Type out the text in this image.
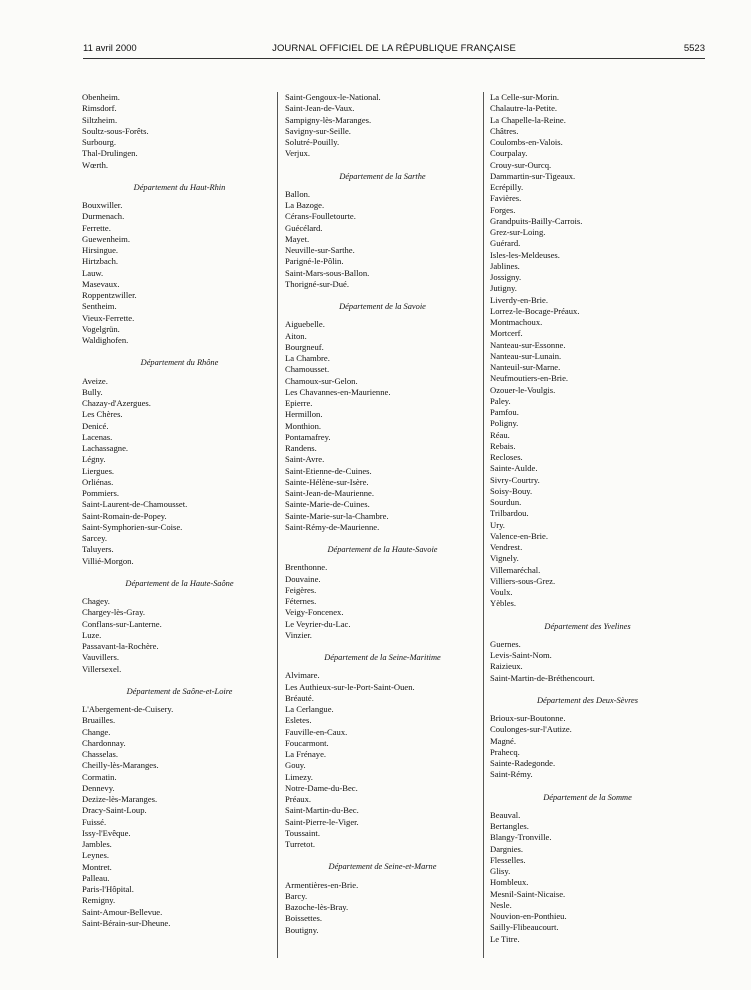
11 avril 2000	JOURNAL OFFICIEL DE LA RÉPUBLIQUE FRANÇAISE	5523
Obenheim.
Rimsdorf.
Siltzheim.
Soultz-sous-Forêts.
Surbourg.
Thal-Drulingen.
Wœrth.
Département du Haut-Rhin
Bouxwiller.
Durmenach.
Ferrette.
Guewenheim.
Hirsingue.
Hirtzbach.
Lauw.
Masevaux.
Roppentzwiller.
Sentheim.
Vieux-Ferrette.
Vogelgrün.
Waldighofen.
Département du Rhône
Aveize.
Bully.
Chazay-d'Azergues.
Les Chères.
Denicé.
Lacenas.
Lachassagne.
Légny.
Liergues.
Orliénas.
Pommiers.
Saint-Laurent-de-Chamousset.
Saint-Romain-de-Popey.
Saint-Symphorien-sur-Coise.
Sarcey.
Taluyers.
Villié-Morgon.
Département de la Haute-Saône
Chagey.
Chargey-lès-Gray.
Conflans-sur-Lanterne.
Luze.
Passavant-la-Rochère.
Vauvillers.
Villersexel.
Département de Saône-et-Loire
L'Abergement-de-Cuisery.
Bruailles.
Change.
Chardonnay.
Chasselas.
Cheilly-lès-Maranges.
Cormatin.
Dennevy.
Dezize-lès-Maranges.
Dracy-Saint-Loup.
Fuissé.
Issy-l'Evêque.
Jambles.
Leynes.
Montret.
Palleau.
Paris-l'Hôpital.
Remigny.
Saint-Amour-Bellevue.
Saint-Bérain-sur-Dheune.
Saint-Gengoux-le-National.
Saint-Jean-de-Vaux.
Sampigny-lès-Maranges.
Savigny-sur-Seille.
Solutré-Pouilly.
Verjux.
Département de la Sarthe
Ballon.
La Bazoge.
Cérans-Foulletourte.
Guécélard.
Mayet.
Neuville-sur-Sarthe.
Parigné-le-Pôlin.
Saint-Mars-sous-Ballon.
Thorigné-sur-Dué.
Département de la Savoie
Aiguebelle.
Aiton.
Bourgneuf.
La Chambre.
Chamousset.
Chamoux-sur-Gelon.
Les Chavannes-en-Maurienne.
Epierre.
Hermillon.
Monthion.
Pontamafrey.
Randens.
Saint-Avre.
Saint-Etienne-de-Cuines.
Sainte-Hélène-sur-Isère.
Saint-Jean-de-Maurienne.
Sainte-Marie-de-Cuines.
Sainte-Marie-sur-la-Chambre.
Saint-Rémy-de-Maurienne.
Département de la Haute-Savoie
Brenthonne.
Douvaine.
Feigères.
Féternes.
Veigy-Foncenex.
Le Veyrier-du-Lac.
Vinzier.
Département de la Seine-Maritime
Alvimare.
Les Authieux-sur-le-Port-Saint-Ouen.
Bréauté.
La Cerlangue.
Esletes.
Fauville-en-Caux.
Foucarmont.
La Frénaye.
Gouy.
Limezy.
Notre-Dame-du-Bec.
Préaux.
Saint-Martin-du-Bec.
Saint-Pierre-le-Viger.
Toussaint.
Turretot.
Département de Seine-et-Marne
Armentières-en-Brie.
Barcy.
Bazoche-lès-Bray.
Boissettes.
Boutigny.
La Celle-sur-Morin.
Chalautre-la-Petite.
La Chapelle-la-Reine.
Châtres.
Coulombs-en-Valois.
Courpalay.
Crouy-sur-Ourcq.
Dammartin-sur-Tigeaux.
Ecrépilly.
Favières.
Forges.
Grandpuits-Bailly-Carrois.
Grez-sur-Loing.
Guérard.
Isles-les-Meldeuses.
Jablines.
Jossigny.
Jutigny.
Liverdy-en-Brie.
Lorrez-le-Bocage-Préaux.
Montmachoux.
Mortcerf.
Nanteau-sur-Essonne.
Nanteau-sur-Lunain.
Nanteuil-sur-Marne.
Neufmoutiers-en-Brie.
Ozouer-le-Voulgis.
Paley.
Pamfou.
Poligny.
Réau.
Rebais.
Recloses.
Sainte-Aulde.
Sivry-Courtry.
Soisy-Bouy.
Sourdun.
Trilbardou.
Ury.
Valence-en-Brie.
Vendrest.
Vignely.
Villemaréchal.
Villiers-sous-Grez.
Voulx.
Yèbles.
Département des Yvelines
Guernes.
Levis-Saint-Nom.
Raizieux.
Saint-Martin-de-Bréthencourt.
Département des Deux-Sèvres
Brioux-sur-Boutonne.
Coulonges-sur-l'Autize.
Magné.
Prahecq.
Sainte-Radegonde.
Saint-Rémy.
Département de la Somme
Beauval.
Bertangles.
Blangy-Tronville.
Dargnies.
Flesselles.
Glisy.
Hombleux.
Mesnil-Saint-Nicaise.
Nesle.
Nouvion-en-Ponthieu.
Sailly-Flibeaucourt.
Le Titre.
